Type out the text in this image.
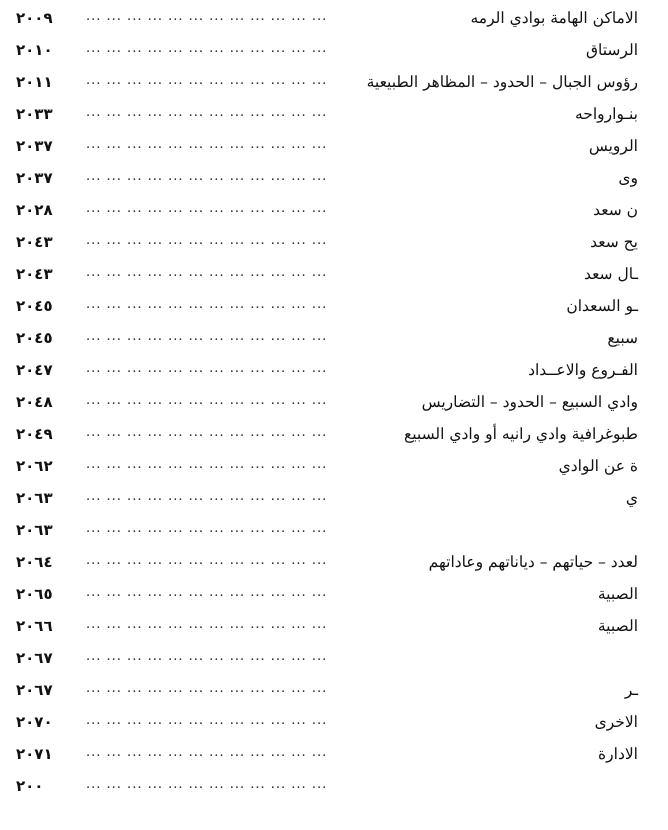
٢٠٠٩	... ... ... ... ... ... ... ... ... ... ... ...	الاماكن الهامة بوادي الرمه
٢٠١٠	... ... ... ... ... ... ... ... ... ... ... ...	الرستاق
٢٠١١	... ... ... ... ... ... ... ... ... ... ... ...	رؤوس الجبال – الحدود – المظاهر الطبيعية
٢٠٣٣	... ... ... ... ... ... ... ... ... ... ... ...	بنـوارواحه
٢٠٣٧	... ... ... ... ... ... ... ... ... ... ... ...	الرويس
٢٠٣٧	... ... ... ... ... ... ... ... ... ... ... ...	وى
٢٠٢٨	... ... ... ... ... ... ... ... ... ... ... ...	ن سعد
٢٠٤٣	... ... ... ... ... ... ... ... ... ... ... ...	يح سعد
٢٠٤٣	... ... ... ... ... ... ... ... ... ... ... ...	ـال سعد
٢٠٤٥	... ... ... ... ... ... ... ... ... ... ... ...	ـو السعدان
٢٠٤٥	... ... ... ... ... ... ... ... ... ... ... ...	سبيع
٢٠٤٧	... ... ... ... ... ... ... ... ... ... ... ...	الفـروع والاعــداد
٢٠٤٨	... ... ... ... ... ... ... ... ... ... ... ...	وادي السبيع – الحدود – التضاريس
٢٠٤٩	... ... ... ... ... ... ... ... ... ... ... ...	طبوغرافية وادي رانيه أو وادي السبيع
٢٠٦٢	... ... ... ... ... ... ... ... ... ... ... ...	ة عن الوادي
٢٠٦٣	... ... ... ... ... ... ... ... ... ... ... ...	ي
٢٠٦٣	... ... ... ... ... ... ... ... ... ... ... ...
٢٠٦٤	... ... ... ... ... ... ... ... ... ... ... ...	لعدد – حياتهم – دياناتهم وعاداتهم
٢٠٦٥	... ... ... ... ... ... ... ... ... ... ... ...	الصبية
٢٠٦٦	... ... ... ... ... ... ... ... ... ... ... ...	الصبية
٢٠٦٧	... ... ... ... ... ... ... ... ... ... ... ...
٢٠٦٧	... ... ... ... ... ... ... ... ... ... ... ...	ـر
٢٠٧٠	... ... ... ... ... ... ... ... ... ... ... ...	الاخرى
٢٠٧١	... ... ... ... ... ... ... ... ... ... ... ...	الادارة
٢٠٠	... ... ... ... ... ... ... ... ... ... ... ...
